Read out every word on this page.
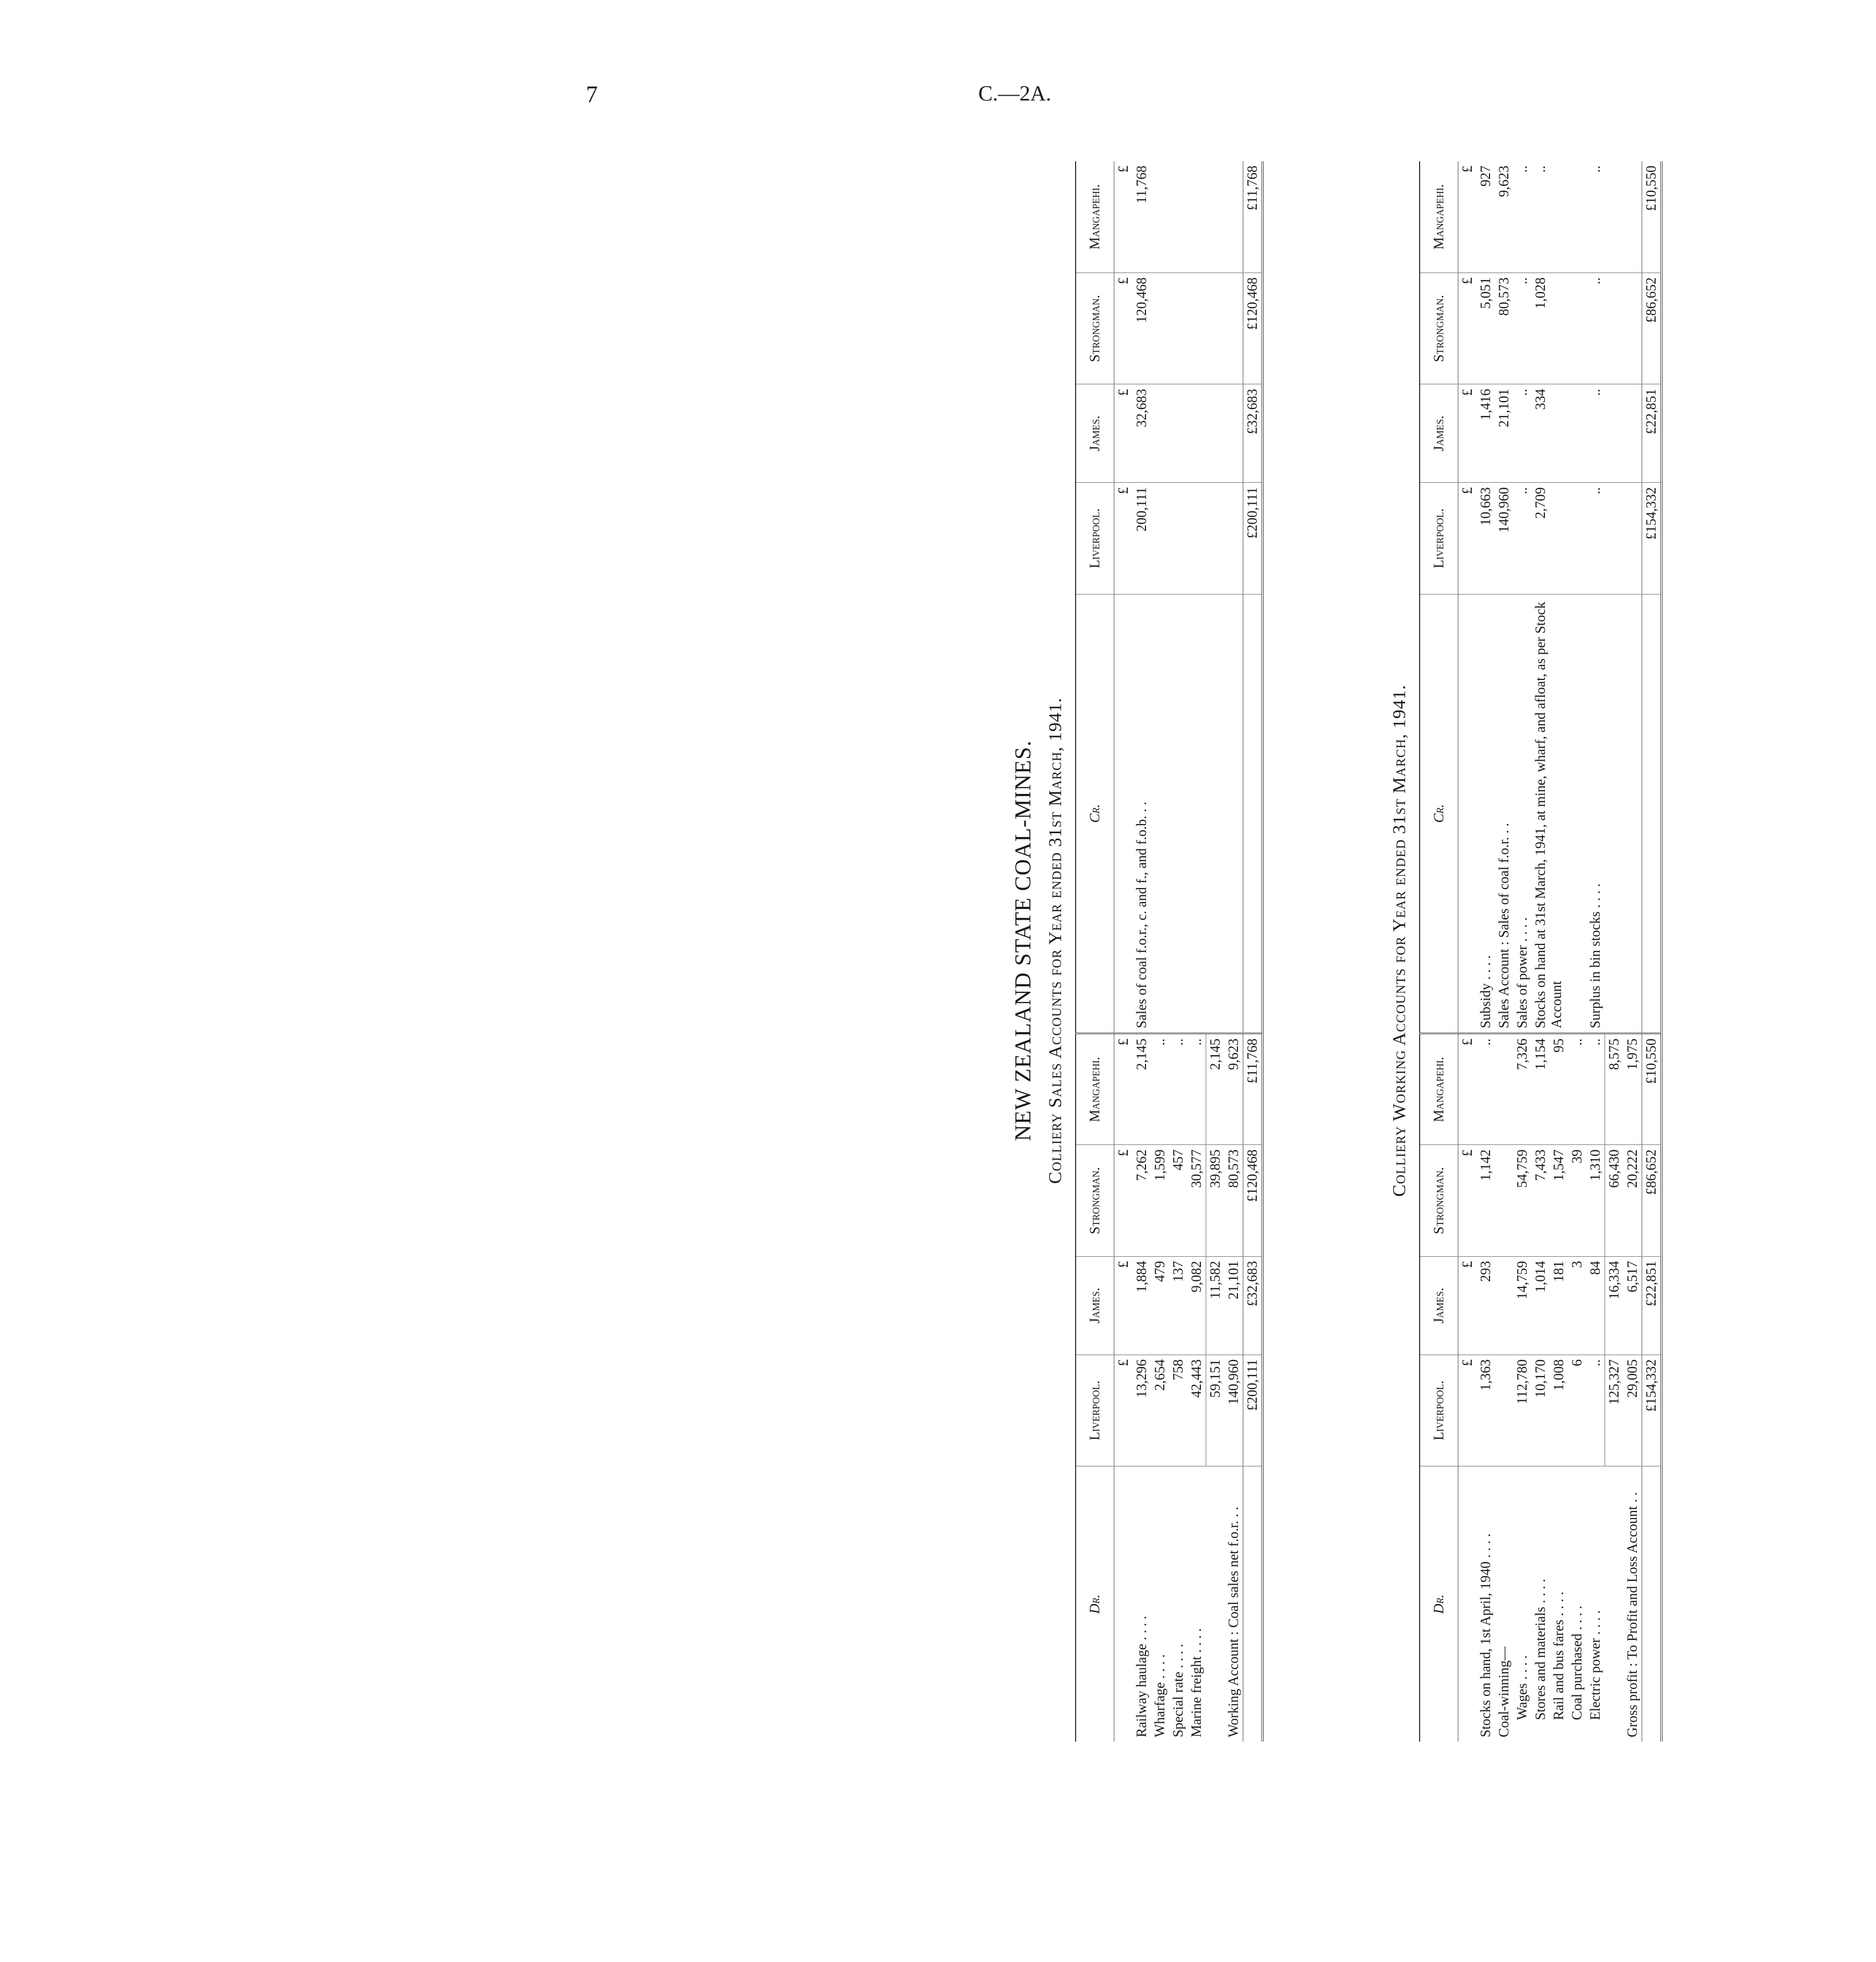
7	C.—2A.
NEW ZEALAND STATE COAL-MINES. Colliery Sales Accounts for Year ended 31st March, 1941.
Dr.	Liverpool.	James.	Strongman.	Mangapehi.	Cr.	Liverpool.	James.	Strongman.	Mangapehi.
	£	£	£	£		£	£	£	£
Railway haulage . . . .	13,296	1,884	7,262	2,145	Sales of coal f.o.r., c. and f., and f.o.b. . .	200,111	32,683	120,468	11,768
Wharfage . . . .	2,654	479	1,599	..					
Special rate . . . .	758	137	457	..					
Marine freight . . . .	42,443	9,082	30,577	..					
	59,151	11,582	39,895	2,145					
Working Account : Coal sales net f.o.r. . .	140,960	21,101	80,573	9,623					
	£200,111	£32,683	£120,468	£11,768		£200,111	£32,683	£120,468	£11,768
Colliery Working Accounts for Year ended 31st March, 1941.
Dr.	Liverpool.	James.	Strongman.	Mangapehi.	Cr.	Liverpool.	James.	Strongman.	Mangapehi.
	£	£	£	£		£	£	£	£
Stocks on hand, 1st April, 1940 . . . .	1,363	293	1,142	..	Subsidy . . . .	10,663	1,416	5,051	927
Coal-winning—					Sales Account : Sales of coal f.o.r. . .	140,960	21,101	80,573	9,623
Wages . . . .	112,780	14,759	54,759	7,326	Sales of power . . . .	..	..	..	..
Stores and materials . . . .	10,170	1,014	7,433	1,154	Stocks on hand at 31st March, 1941, at mine, wharf, and afloat, as per Stock Account	2,709	334	1,028	..
Rail and bus fares . . . .	1,008	181	1,547	95					
Coal purchased . . . .	6	3	39	..					
Electric power . . . .	..	84	1,310	..	Surplus in bin stocks . . . .	..	..	..	..
	125,327	16,334	66,430	8,575					
Gross profit : To Profit and Loss Account . .	29,005	6,517	20,222	1,975					
	£154,332	£22,851	£86,652	£10,550		£154,332	£22,851	£86,652	£10,550
